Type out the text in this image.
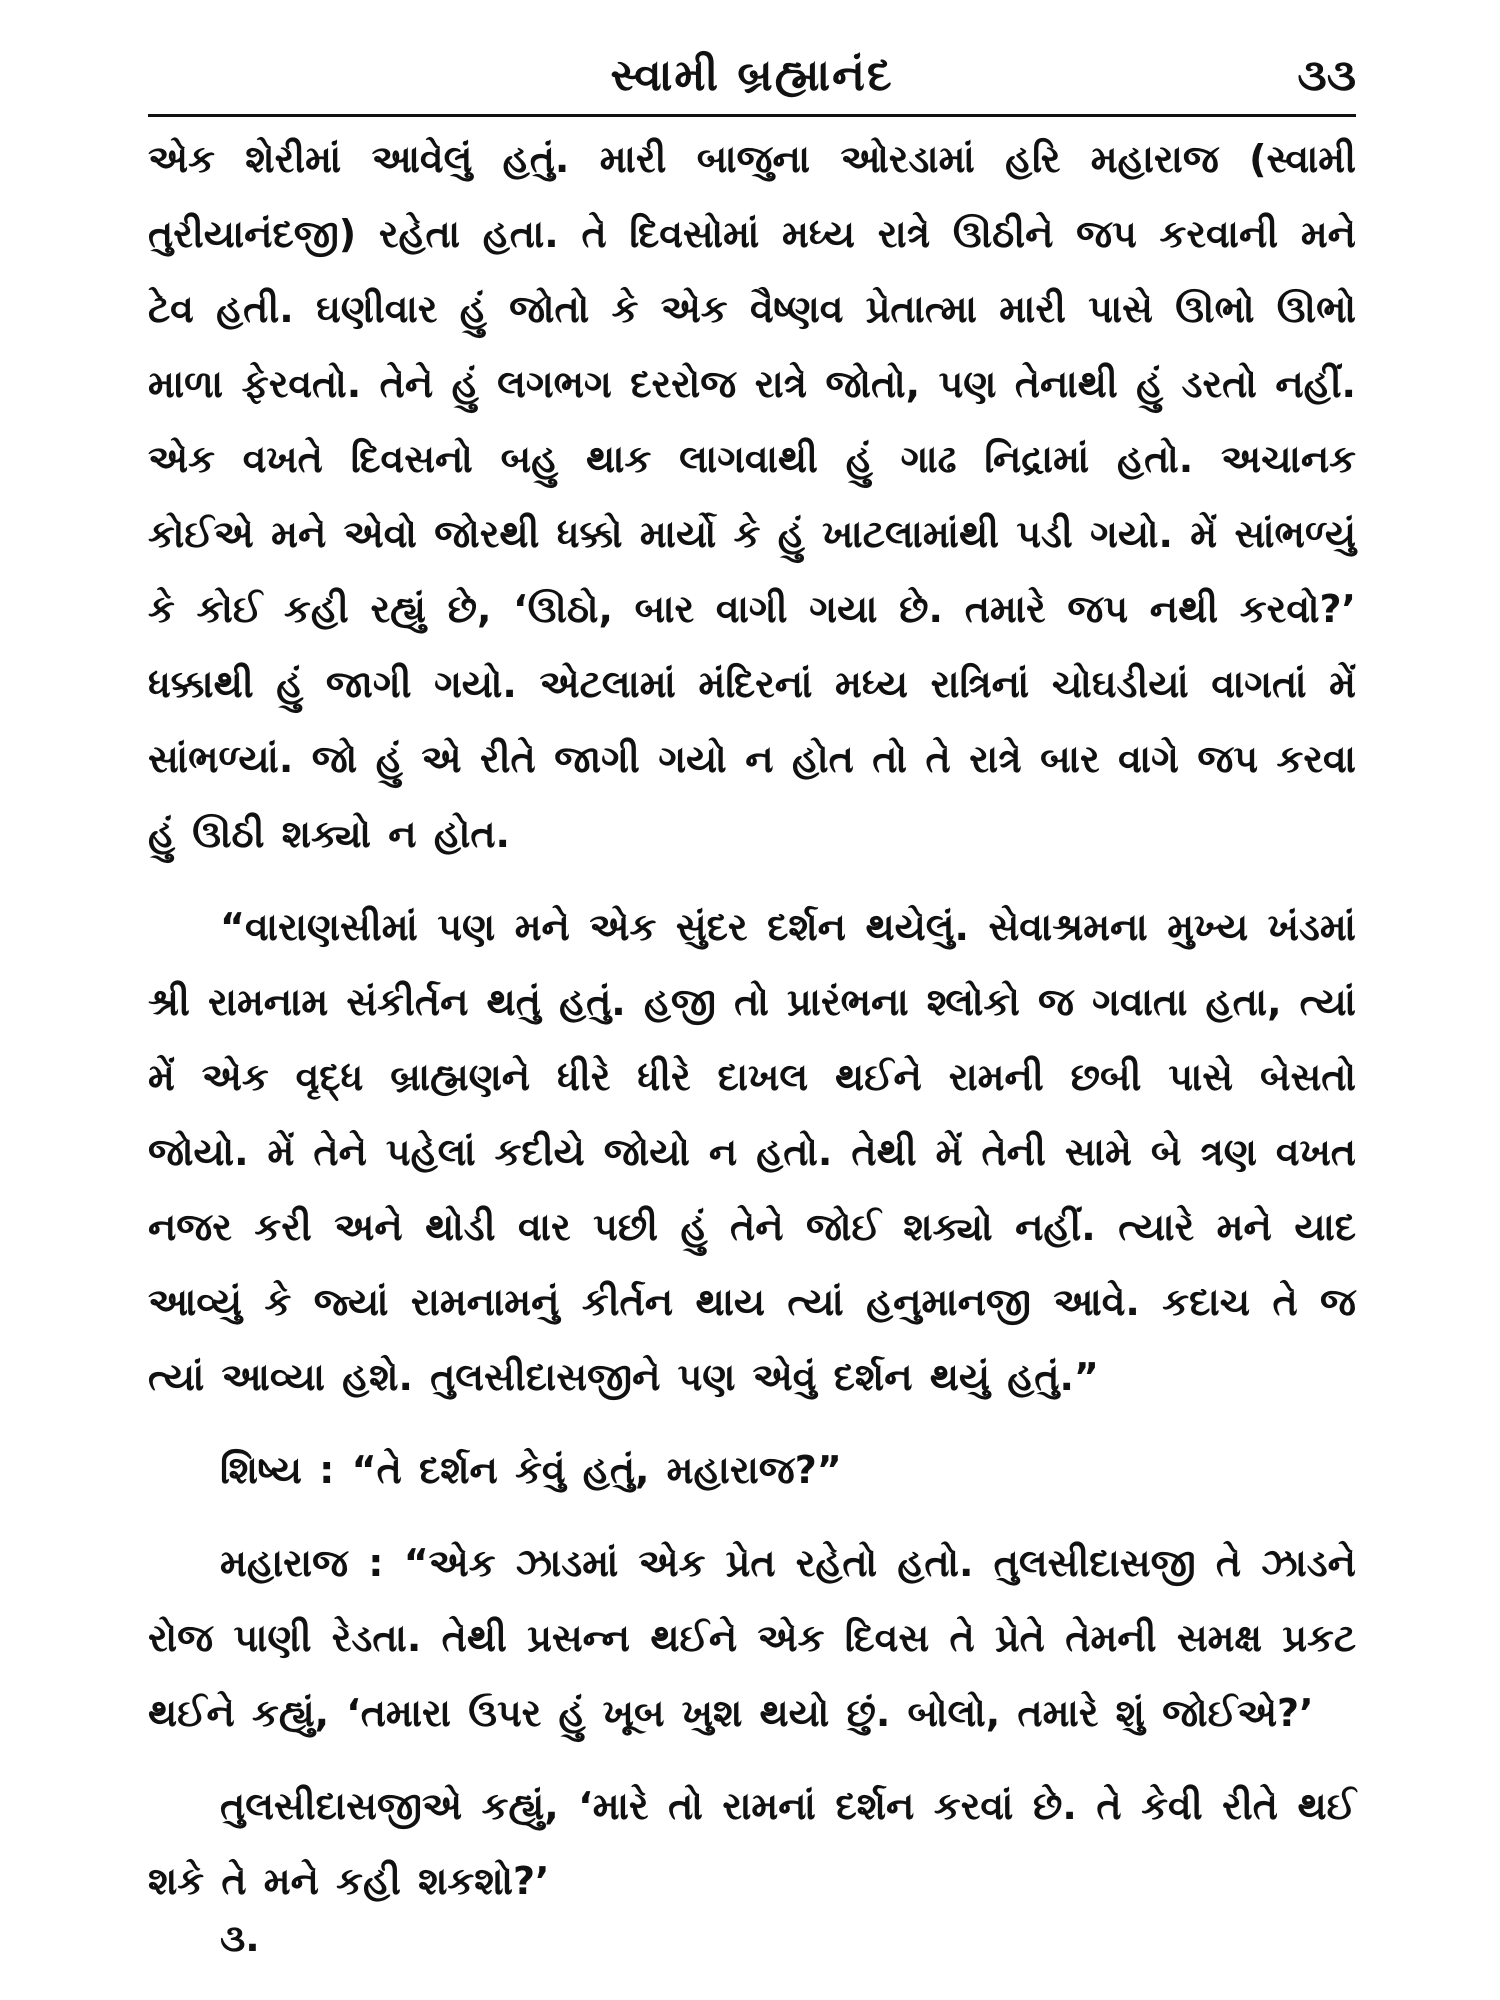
સ્વામી બ્રહ્માનંદ	૩૩

એક શેરીમાં આવેલું હતું. મારી બાજુના ઓરડામાં હરિ મહારાજ (સ્વામી તુરીયાનંદજી) રહેતા હતા. તે દિવસોમાં મધ્ય રાત્રે ઊઠીને જપ કરવાની મને ટેવ હતી. ઘણીવાર હું જોતો કે એક વૈષ્ણવ પ્રેતાત્મા મારી પાસે ઊભો ઊભો માળા ફેરવતો. તેને હું લગભગ દરરોજ રાત્રે જોતો, પણ તેનાથી હું ડરતો નહીં. એક વખતે દિવસનો બહુ થાક લાગવાથી હું ગાઢ નિદ્રામાં હતો. અચાનક કોઈએ મને એવો જોરથી ધક્કો માર્યો કે હું ખાટલામાંથી પડી ગયો. મેં સાંભળ્યું કે કોઈ કહી રહ્યું છે, ‘ઊઠો, બાર વાગી ગયા છે. તમારે જપ નથી કરવો?’ ધક્કાથી હું જાગી ગયો. એટલામાં મંદિરનાં મધ્ય રાત્રિનાં ચોઘડીયાં વાગતાં મેં સાંભળ્યાં. જો હું એ રીતે જાગી ગયો ન હોત તો તે રાત્રે બાર વાગે જપ કરવા હું ઊઠી શક્યો ન હોત.

“વારાણસીમાં પણ મને એક સુંદર દર્શન થયેલું. સેવાશ્રમના મુખ્ય ખંડમાં શ્રી રામનામ સંકીર્તન થતું હતું. હજી તો પ્રારંભના શ્લોકો જ ગવાતા હતા, ત્યાં મેં એક વૃદ્ધ બ્રાહ્મણને ધીરે ધીરે દાખલ થઈને રામની છબી પાસે બેસતો જોયો. મેં તેને પહેલાં કદીયે જોયો ન હતો. તેથી મેં તેની સામે બે ત્રણ વખત નજર કરી અને થોડી વાર પછી હું તેને જોઈ શક્યો નહીં. ત્યારે મને યાદ આવ્યું કે જ્યાં રામનામનું કીર્તન થાય ત્યાં હનુમાનજી આવે. કદાચ તે જ ત્યાં આવ્યા હશે. તુલસીદાસજીને પણ એવું દર્શન થયું હતું.”

શિષ્ય : “તે દર્શન કેવું હતું, મહારાજ?”

મહારાજ : “એક ઝાડમાં એક પ્રેત રહેતો હતો. તુલસીદાસજી તે ઝાડને રોજ પાણી રેડતા. તેથી પ્રસન્ન થઈને એક દિવસ તે પ્રેતે તેમની સમક્ષ પ્રકટ થઈને કહ્યું, ‘તમારા ઉપર હું ખૂબ ખુશ થયો છું. બોલો, તમારે શું જોઈએ?’

તુલસીદાસજીએ કહ્યું, ‘મારે તો રામનાં દર્શન કરવાં છે. તે કેવી રીતે થઈ શકે તે મને કહી શકશો?’

૩.
